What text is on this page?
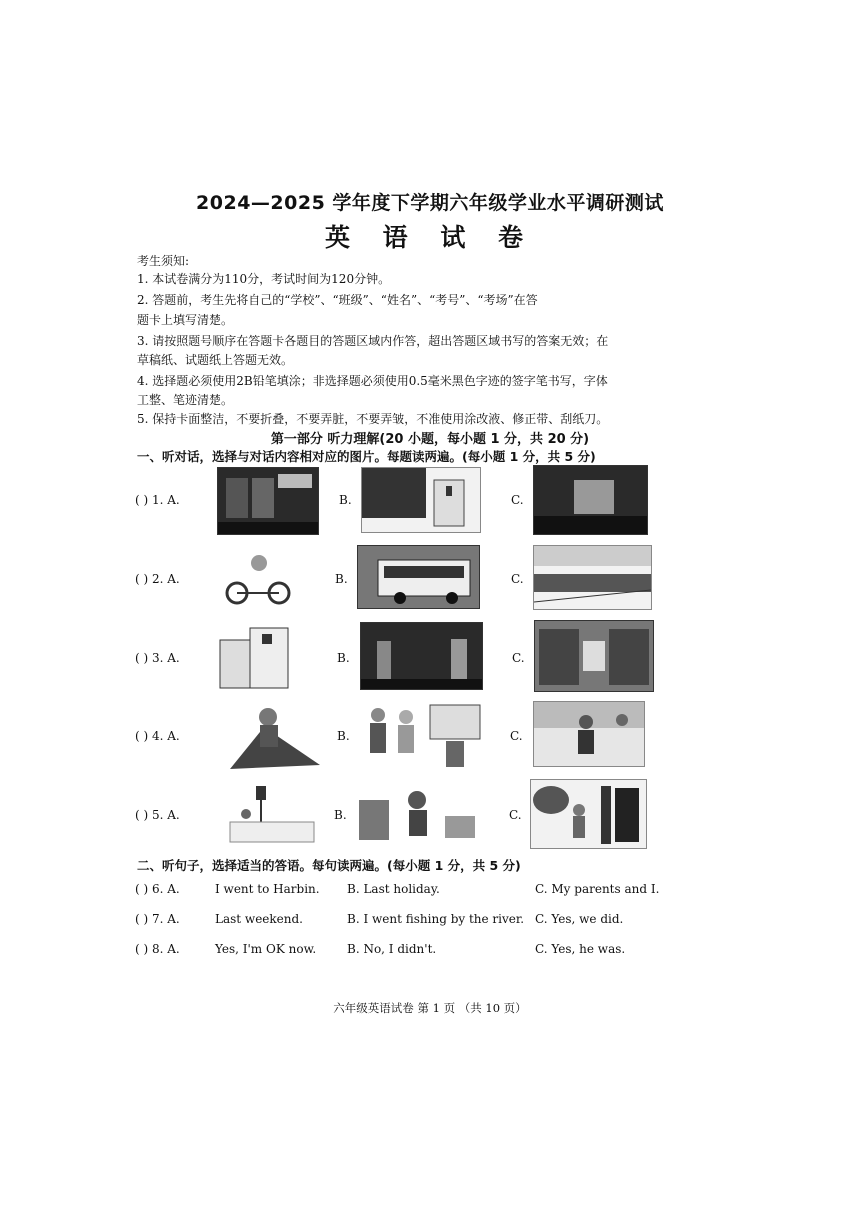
2024—2025 学年度下学期六年级学业水平调研测试
英 语 试 卷
考生须知:
1. 本试卷满分为110分，考试时间为120分钟。
2. 答题前，考生先将自己的“学校”、“班级”、“姓名”、“考号”、“考场”在答
题卡上填写清楚。
3. 请按照题号顺序在答题卡各题目的答题区域内作答，超出答题区域书写的答案无效；在
草稿纸、试题纸上答题无效。
4. 选择题必须使用2B铅笔填涂；非选择题必须使用0.5毫米黑色字迹的签字笔书写，字体
工整、笔迹清楚。
5. 保持卡面整洁，不要折叠，不要弄脏，不要弄皱，不准使用涂改液、修正带、刮纸刀。
第一部分 听力理解(20 小题，每小题 1 分，共 20 分)
一、听对话，选择与对话内容相对应的图片。每题读两遍。(每小题 1 分，共 5 分)
( ) 1. A.	B.	C.
( ) 2. A.	B.	C.
( ) 3. A.	B.	C.
( ) 4. A.	B.	C.
( ) 5. A.	B.	C.
二、听句子，选择适当的答语。每句读两遍。(每小题 1 分，共 5 分)
( ) 6. A.	I went to Harbin. B. Last holiday.	C. My parents and I.
( ) 7. A.	Last weekend.	B. I went fishing by the river. C. Yes, we did.
( ) 8. A.	Yes, I'm OK now.	B. No, I didn't.	C. Yes, he was.
六年级英语试卷 第 1 页 （共 10 页）
